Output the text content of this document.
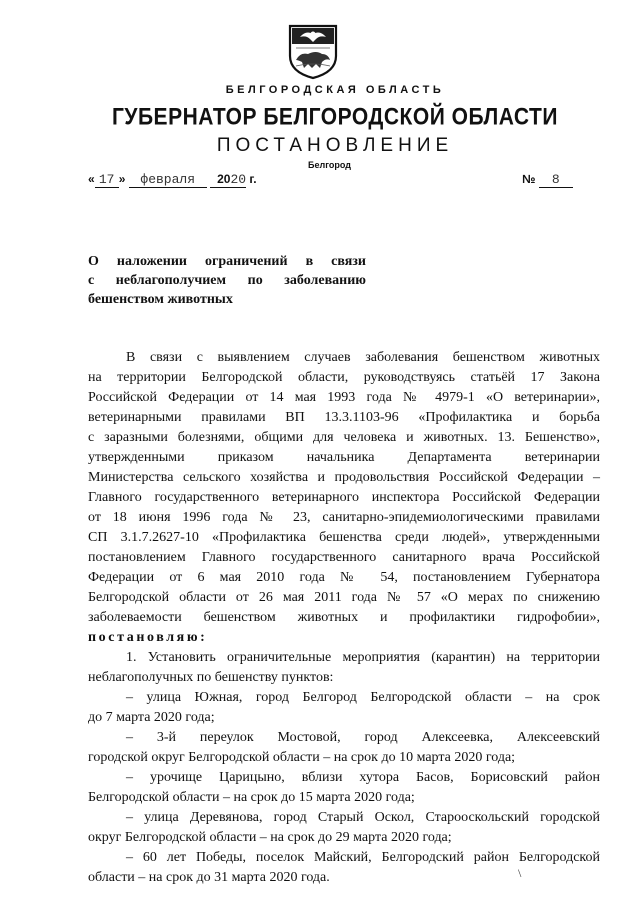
БЕЛГОРОДСКАЯ ОБЛАСТЬ
ГУБЕРНАТОР БЕЛГОРОДСКОЙ ОБЛАСТИ
ПОСТАНОВЛЕНИЕ
Белгород
« 17 » февраля 2020 г.	№ 8
О наложении ограничений в связи
с неблагополучием по заболеванию
бешенством животных
В связи с выявлением случаев заболевания бешенством животных
на территории Белгородской области, руководствуясь статьёй 17 Закона
Российской Федерации от 14 мая 1993 года № 4979-1 «О ветеринарии»,
ветеринарными правилами ВП 13.3.1103-96 «Профилактика и борьба
с заразными болезнями, общими для человека и животных. 13. Бешенство»,
утвержденными приказом начальника Департамента ветеринарии
Министерства сельского хозяйства и продовольствия Российской Федерации –
Главного государственного ветеринарного инспектора Российской Федерации
от 18 июня 1996 года № 23, санитарно-эпидемиологическими правилами
СП 3.1.7.2627-10 «Профилактика бешенства среди людей», утвержденными
постановлением Главного государственного санитарного врача Российской
Федерации от 6 мая 2010 года № 54, постановлением Губернатора
Белгородской области от 26 мая 2011 года № 57 «О мерах по снижению
заболеваемости бешенством животных и профилактики гидрофобии»,
постановляю:
1. Установить ограничительные мероприятия (карантин) на территории
неблагополучных по бешенству пунктов:
– улица Южная, город Белгород Белгородской области – на срок
до 7 марта 2020 года;
– 3-й переулок Мостовой, город Алексеевка, Алексеевский
городской округ Белгородской области – на срок до 10 марта 2020 года;
– урочище Царицыно, вблизи хутора Басов, Борисовский район
Белгородской области – на срок до 15 марта 2020 года;
– улица Деревянова, город Старый Оскол, Старооскольский городской
округ Белгородской области – на срок до 29 марта 2020 года;
– 60 лет Победы, поселок Майский, Белгородский район Белгородской
области – на срок до 31 марта 2020 года.	\
